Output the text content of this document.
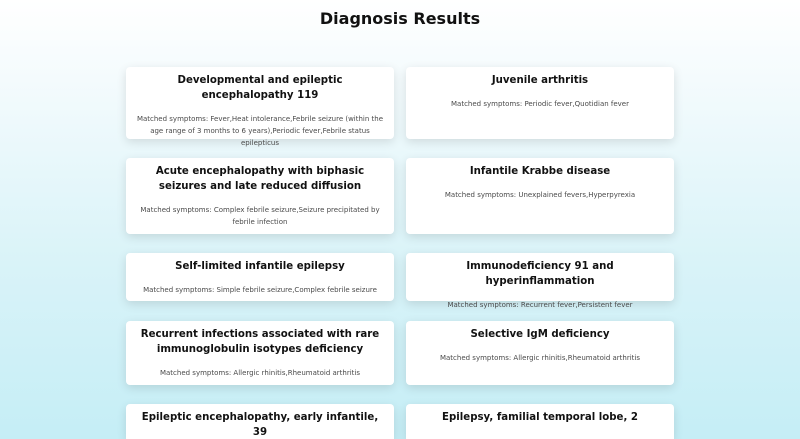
Diagnosis Results
Developmental and epileptic encephalopathy 119
Matched symptoms: Fever,Heat intolerance,Febrile seizure (within the age range of 3 months to 6 years),Periodic fever,Febrile status epilepticus
Juvenile arthritis
Matched symptoms: Periodic fever,Quotidian fever
Acute encephalopathy with biphasic seizures and late reduced diffusion
Matched symptoms: Complex febrile seizure,Seizure precipitated by febrile infection
Infantile Krabbe disease
Matched symptoms: Unexplained fevers,Hyperpyrexia
Self-limited infantile epilepsy
Matched symptoms: Simple febrile seizure,Complex febrile seizure
Immunodeficiency 91 and hyperinflammation
Matched symptoms: Recurrent fever,Persistent fever
Recurrent infections associated with rare immunoglobulin isotypes deficiency
Matched symptoms: Allergic rhinitis,Rheumatoid arthritis
Selective IgM deficiency
Matched symptoms: Allergic rhinitis,Rheumatoid arthritis
Epileptic encephalopathy, early infantile, 39
Epilepsy, familial temporal lobe, 2
